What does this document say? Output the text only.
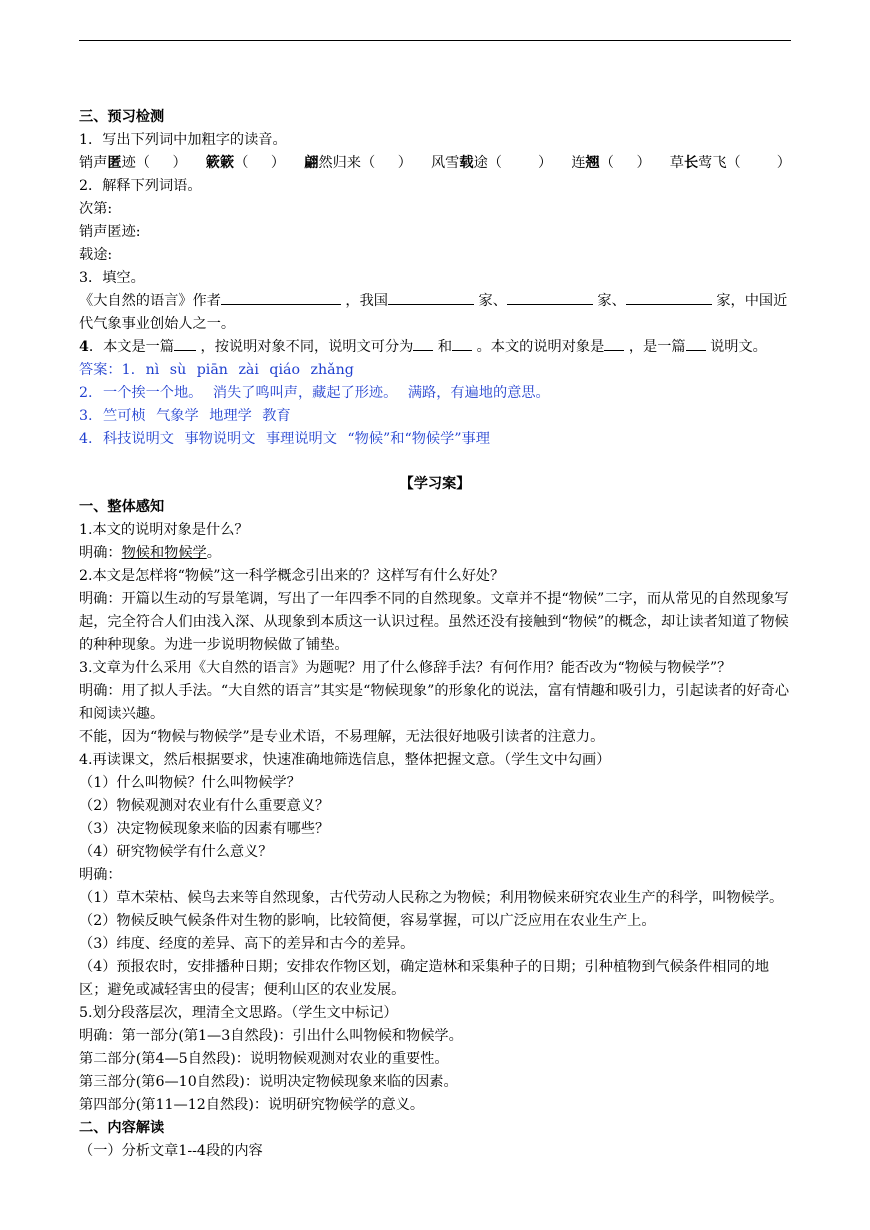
三、预习检测

1．写出下列词中加粗字的读音。

销声匿迹（     ） 簌簌（     ） 翩然归来（     ） 风雪载途（        ） 连翘（     ） 草长莺飞（        ）

2．解释下列词语。

次第:

销声匿迹:

载途:

3．填空。

《大自然的语言》作者	，我国	家、	家、	家，中国近代气象事业创始人之一。

4．本文是一篇 ，按说明对象不同，说明文可分为 和 。本文的说明对象是 ，是一篇 说明文。

答案：1. nì sù piān zài qiáo zhǎng

2. 一个挨一个地。 消失了鸣叫声，藏起了形迹。 满路，有遍地的意思。

3. 竺可桢 气象学 地理学 教育

4. 科技说明文 事物说明文 事理说明文 “物候”和“物候学”事理

【学习案】

一、整体感知

1.本文的说明对象是什么？

明确：物候和物候学。

2.本文是怎样将“物候”这一科学概念引出来的？这样写有什么好处？

明确：开篇以生动的写景笔调，写出了一年四季不同的自然现象。文章并不提“物候”二字，而从常见的自然现象写起，完全符合人们由浅入深、从现象到本质这一认识过程。虽然还没有接触到“物候”的概念，却让读者知道了物候的种种现象。为进一步说明物候做了铺垫。

3.文章为什么采用《大自然的语言》为题呢？用了什么修辞手法？有何作用？能否改为“物候与物候学”？

明确：用了拟人手法。“大自然的语言”其实是“物候现象”的形象化的说法，富有情趣和吸引力，引起读者的好奇心和阅读兴趣。

不能，因为“物候与物候学”是专业术语，不易理解，无法很好地吸引读者的注意力。

4.再读课文，然后根据要求，快速准确地筛选信息，整体把握文意。（学生文中勾画）

（1）什么叫物候？什么叫物候学？

（2）物候观测对农业有什么重要意义？

（3）决定物候现象来临的因素有哪些？

（4）研究物候学有什么意义？

明确：

（1）草木荣枯、候鸟去来等自然现象，古代劳动人民称之为物候；利用物候来研究农业生产的科学，叫物候学。

（2）物候反映气候条件对生物的影响，比较简便，容易掌握，可以广泛应用在农业生产上。

（3）纬度、经度的差异、高下的差异和古今的差异。

（4）预报农时，安排播种日期；安排农作物区划，确定造林和采集种子的日期；引种植物到气候条件相同的地区；避免或减轻害虫的侵害；便利山区的农业发展。

5.划分段落层次，理清全文思路。（学生文中标记）

明确：第一部分(第1—3自然段)：引出什么叫物候和物候学。

第二部分(第4—5自然段)：说明物候观测对农业的重要性。

第三部分(第6—10自然段)：说明决定物候现象来临的因素。

第四部分(第11—12自然段)：说明研究物候学的意义。

二、内容解读

（一）分析文章1--4段的内容
